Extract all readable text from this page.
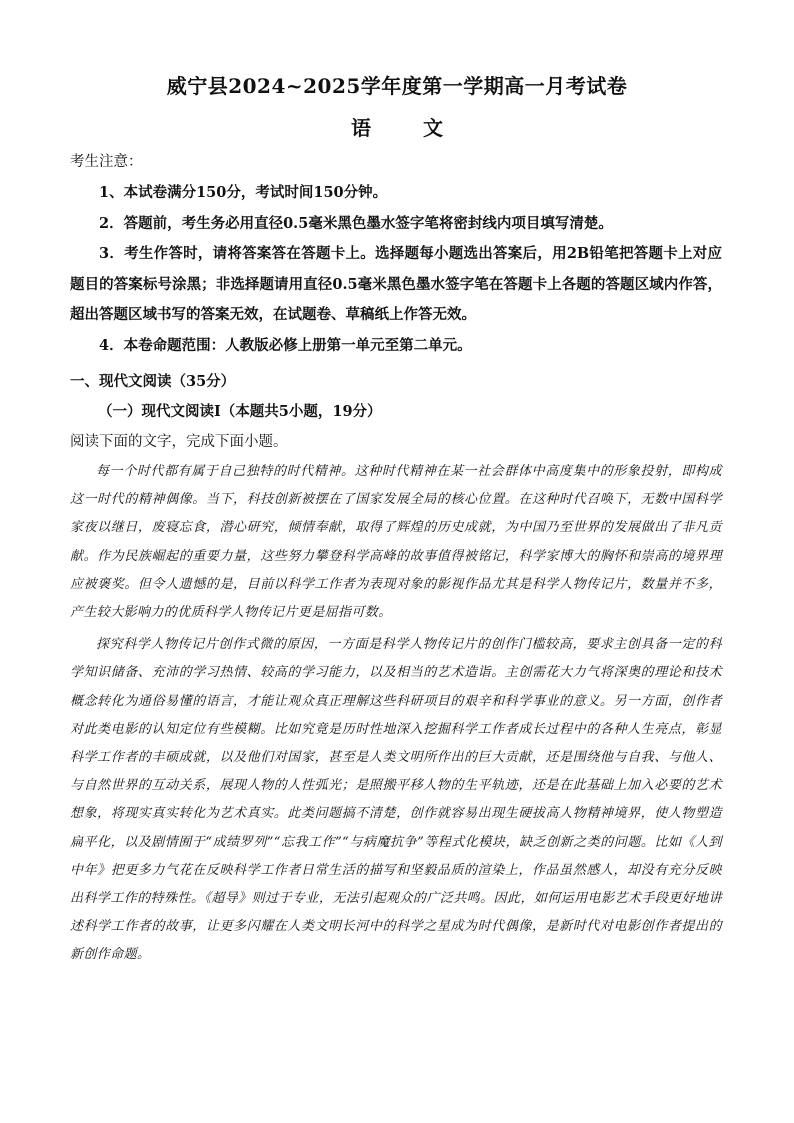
威宁县2024~2025学年度第一学期高一月考试卷
语	文
考生注意：

1、本试卷满分150分，考试时间150分钟。

2．答题前，考生务必用直径0.5毫米黑色墨水签字笔将密封线内项目填写清楚。

3．考生作答时，请将答案答在答题卡上。选择题每小题选出答案后，用2B铅笔把答题卡上对应题目的答案标号涂黑；非选择题请用直径0.5毫米黑色墨水签字笔在答题卡上各题的答题区域内作答，超出答题区域书写的答案无效，在试题卷、草稿纸上作答无效。

4．本卷命题范围：人教版必修上册第一单元至第二单元。

一、现代文阅读（35分）
（一）现代文阅读Ⅰ（本题共5小题，19分）
阅读下面的文字，完成下面小题。

每一个时代都有属于自己独特的时代精神。这种时代精神在某一社会群体中高度集中的形象投射，即构成这一时代的精神偶像。当下，科技创新被摆在了国家发展全局的核心位置。在这种时代召唤下，无数中国科学家夜以继日，废寝忘食，潜心研究，倾情奉献，取得了辉煌的历史成就，为中国乃至世界的发展做出了非凡贡献。作为民族崛起的重要力量，这些努力攀登科学高峰的故事值得被铭记，科学家博大的胸怀和崇高的境界理应被褒奖。但令人遗憾的是，目前以科学工作者为表现对象的影视作品尤其是科学人物传记片，数量并不多，产生较大影响力的优质科学人物传记片更是屈指可数。

探究科学人物传记片创作式微的原因，一方面是科学人物传记片的创作门槛较高，要求主创具备一定的科学知识储备、充沛的学习热情、较高的学习能力，以及相当的艺术造诣。主创需花大力气将深奥的理论和技术概念转化为通俗易懂的语言，才能让观众真正理解这些科研项目的艰辛和科学事业的意义。另一方面，创作者对此类电影的认知定位有些模糊。比如究竟是历时性地深入挖掘科学工作者成长过程中的各种人生亮点，彰显科学工作者的丰硕成就，以及他们对国家，甚至是人类文明所作出的巨大贡献，还是围绕他与自我、与他人、与自然世界的互动关系，展现人物的人性弧光；是照搬平移人物的生平轨迹，还是在此基础上加入必要的艺术想象，将现实真实转化为艺术真实。此类问题搞不清楚，创作就容易出现生硬拔高人物精神境界，使人物塑造扁平化，以及剧情囿于“成绩罗列”“忘我工作”“与病魔抗争”等程式化模块，缺乏创新之类的问题。比如《人到中年》把更多力气花在反映科学工作者日常生活的描写和坚毅品质的渲染上，作品虽然感人，却没有充分反映出科学工作的特殊性。《超导》则过于专业，无法引起观众的广泛共鸣。因此，如何运用电影艺术手段更好地讲述科学工作者的故事，让更多闪耀在人类文明长河中的科学之星成为时代偶像，是新时代对电影创作者提出的新创作命题。
